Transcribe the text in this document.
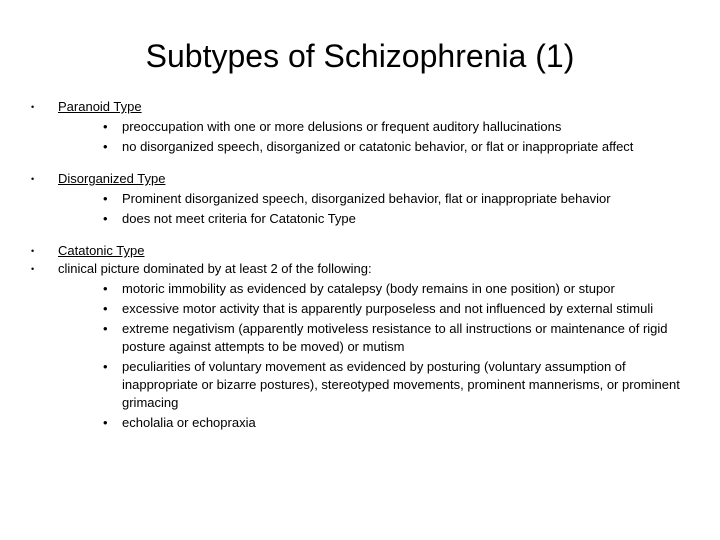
Subtypes of Schizophrenia (1)
• Paranoid Type
• preoccupation with one or more delusions or frequent auditory hallucinations
• no disorganized speech, disorganized or catatonic behavior, or flat or inappropriate affect
• Disorganized Type
• Prominent disorganized speech, disorganized behavior, flat or inappropriate behavior
• does not meet criteria for Catatonic Type
• Catatonic Type
• clinical picture dominated by at least 2 of the following:
• motoric immobility as evidenced by catalepsy (body remains in one position) or stupor
• excessive motor activity that is apparently purposeless and not influenced by external stimuli
• extreme negativism (apparently motiveless resistance to all instructions or maintenance of rigid posture against attempts to be moved) or mutism
• peculiarities of voluntary movement as evidenced by posturing (voluntary assumption of inappropriate or bizarre postures), stereotyped movements, prominent mannerisms, or prominent grimacing
• echolalia or echopraxia
